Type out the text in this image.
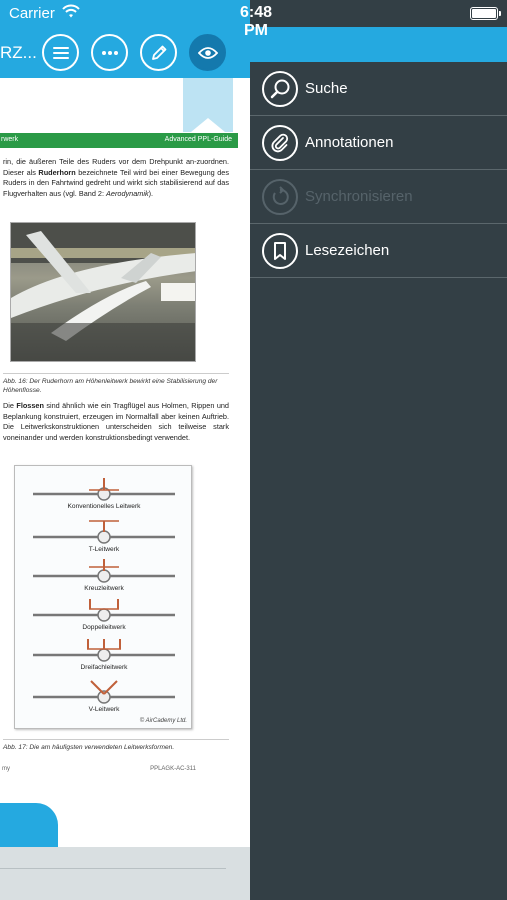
Carrier	6:48 PM
RZ...
rwerk	Advanced PPL-Guide
rin, die äußeren Teile des Ruders vor dem Drehpunkt an-zuordnen. Dieser als Ruderhorn bezeichnete Teil wird bei einer Bewegung des Ruders in den Fahrtwind gedreht und wirkt sich stabilisierend auf das Flugverhalten aus (vgl. Band 2: Aerodynamik).
Abb. 16: Der Ruderhorn am Höhenleitwerk bewirkt eine Stabilisierung der Höhenflosse.
Die Flossen sind ähnlich wie ein Tragflügel aus Holmen, Rippen und Beplankung konstruiert, erzeugen im Normalfall aber keinen Auftrieb. Die Leitwerkskonstruktionen unterscheiden sich teilweise stark voneinander und werden konstruktionsbedingt verwendet.
Konventionelles Leitwerk
T-Leitwerk
Kreuzleitwerk
Doppelleitwerk
Dreifachleitwerk
V-Leitwerk
© AirCademy Ltd.
Abb. 17: Die am häufigsten verwendeten Leitwerksformen.
my	PPLAGK-AC-311
Suche
Annotationen
Synchronisieren
Lesezeichen
